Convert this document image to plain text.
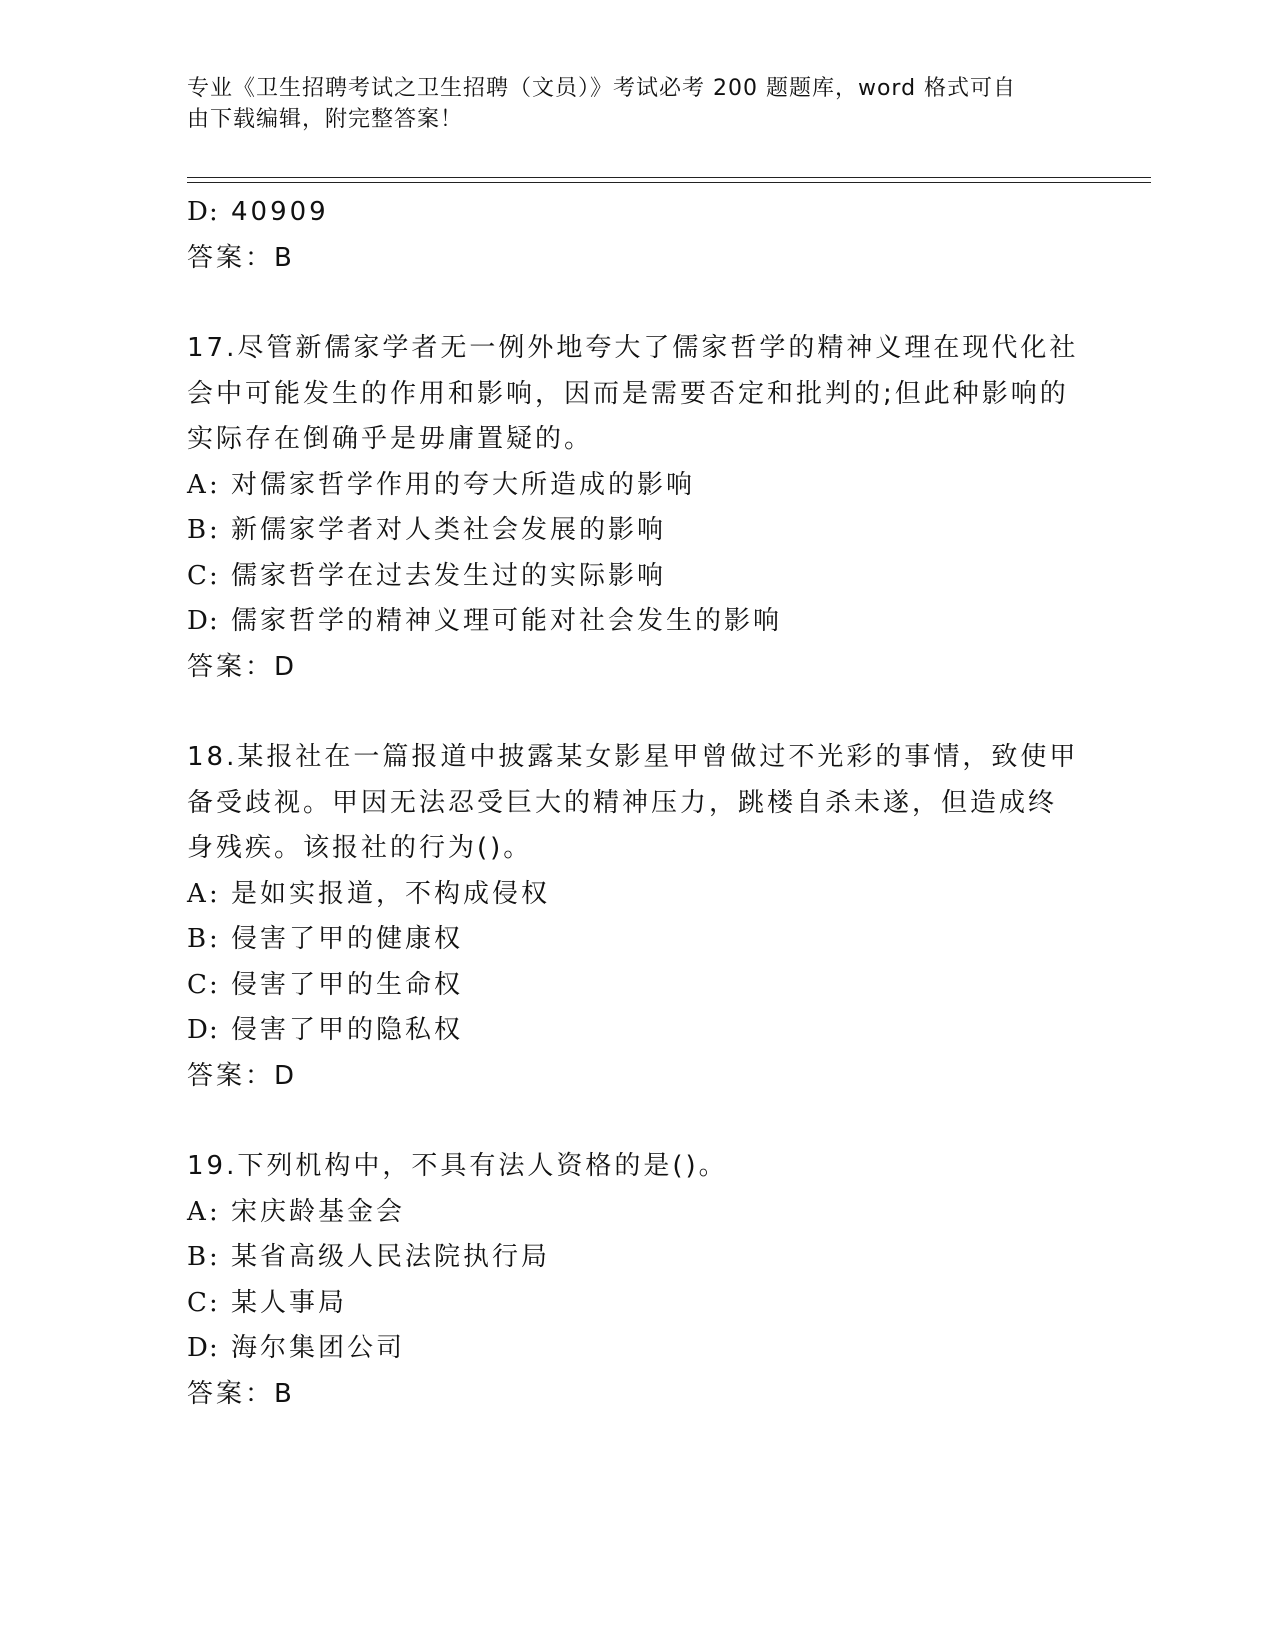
专业《卫生招聘考试之卫生招聘（文员）》考试必考 200 题题库，word 格式可自
由下载编辑，附完整答案！
D: 40909
答案：B
17.尽管新儒家学者无一例外地夸大了儒家哲学的精神义理在现代化社
会中可能发生的作用和影响，因而是需要否定和批判的;但此种影响的
实际存在倒确乎是毋庸置疑的。
A: 对儒家哲学作用的夸大所造成的影响
B: 新儒家学者对人类社会发展的影响
C: 儒家哲学在过去发生过的实际影响
D: 儒家哲学的精神义理可能对社会发生的影响
答案：D
18.某报社在一篇报道中披露某女影星甲曾做过不光彩的事情，致使甲
备受歧视。甲因无法忍受巨大的精神压力，跳楼自杀未遂，但造成终
身残疾。该报社的行为()。
A: 是如实报道，不构成侵权
B: 侵害了甲的健康权
C: 侵害了甲的生命权
D: 侵害了甲的隐私权
答案：D
19.下列机构中，不具有法人资格的是()。
A: 宋庆龄基金会
B: 某省高级人民法院执行局
C: 某人事局
D: 海尔集团公司
答案：B
